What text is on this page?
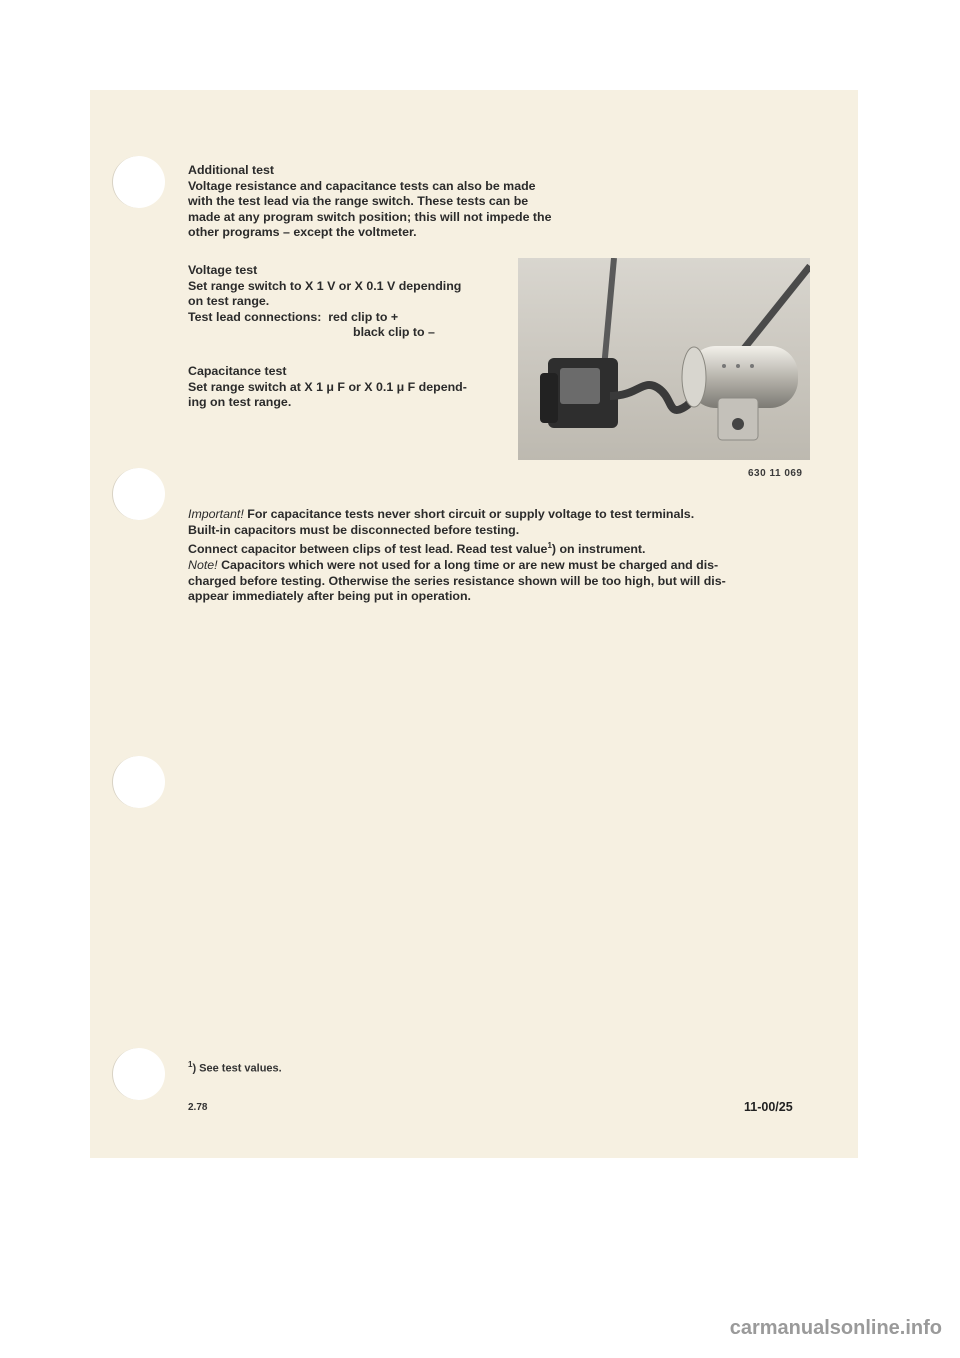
Additional test
Voltage resistance and capacitance tests can also be made
with the test lead via the range switch. These tests can be
made at any program switch position; this will not impede the
other programs – except the voltmeter.
Voltage test
Set range switch to X 1 V or X 0.1 V depending
on test range.
Test lead connections: red clip to +
black clip to –
Capacitance test
Set range switch at X 1 μ F or X 0.1 μ F depend-
ing on test range.
630 11 069
Important! For capacitance tests never short circuit or supply voltage to test terminals.
Built-in capacitors must be disconnected before testing.
Connect capacitor between clips of test lead. Read test value$^1$) on instrument.
Note! Capacitors which were not used for a long time or are new must be charged and dis-
charged before testing. Otherwise the series resistance shown will be too high, but will dis-
appear immediately after being put in operation.
$^1$) See test values.
2.78	11-00/25
carmanualsonline.info
